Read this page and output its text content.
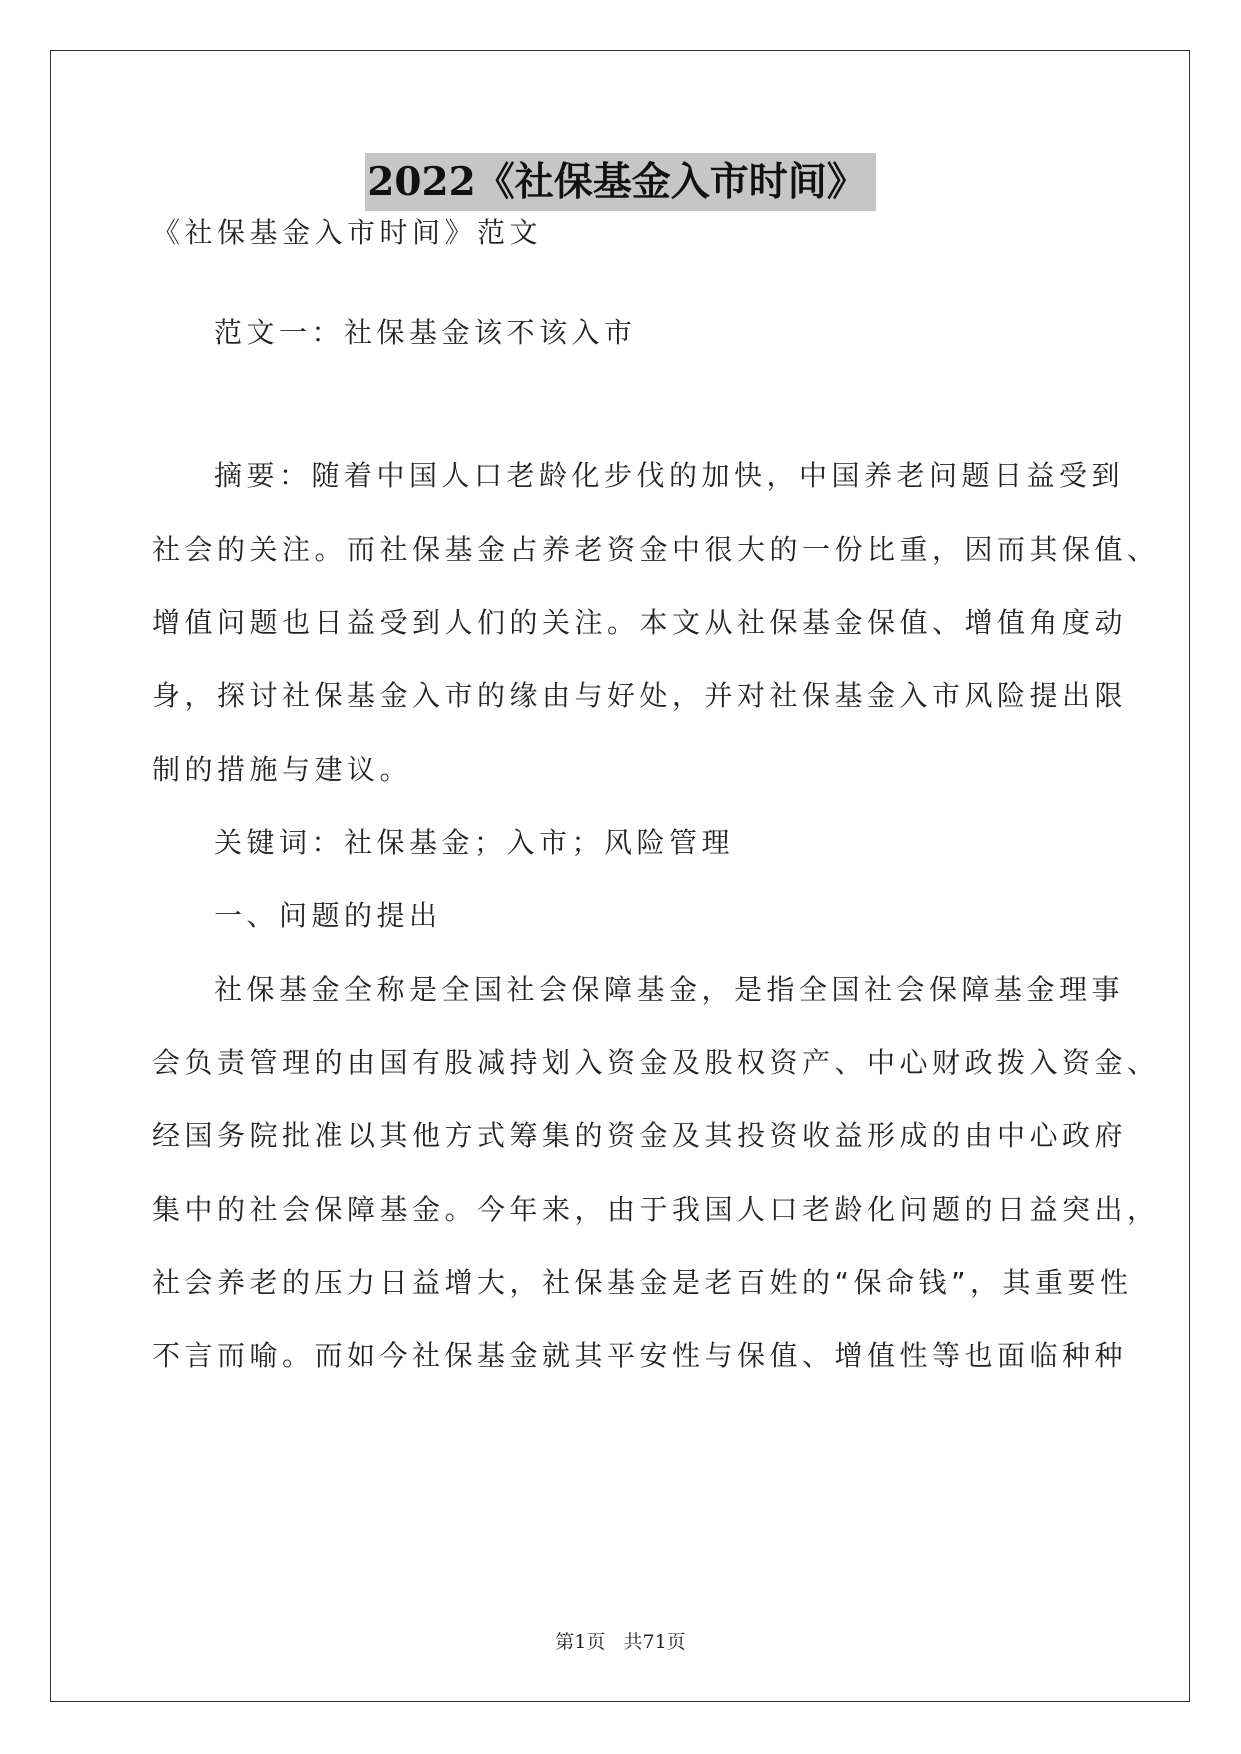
2022《社保基金入市时间》
《社保基金入市时间》范文
范文一：社保基金该不该入市
摘要：随着中国人口老龄化步伐的加快，中国养老问题日益受到
社会的关注。而社保基金占养老资金中很大的一份比重，因而其保值、
增值问题也日益受到人们的关注。本文从社保基金保值、增值角度动
身，探讨社保基金入市的缘由与好处，并对社保基金入市风险提出限
制的措施与建议。
关键词：社保基金；入市；风险管理
一、问题的提出
社保基金全称是全国社会保障基金，是指全国社会保障基金理事
会负责管理的由国有股减持划入资金及股权资产、中心财政拨入资金、
经国务院批准以其他方式筹集的资金及其投资收益形成的由中心政府
集中的社会保障基金。今年来，由于我国人口老龄化问题的日益突出，
社会养老的压力日益增大，社保基金是老百姓的“保命钱”，其重要性
不言而喻。而如今社保基金就其平安性与保值、增值性等也面临种种
第1页   共71页
